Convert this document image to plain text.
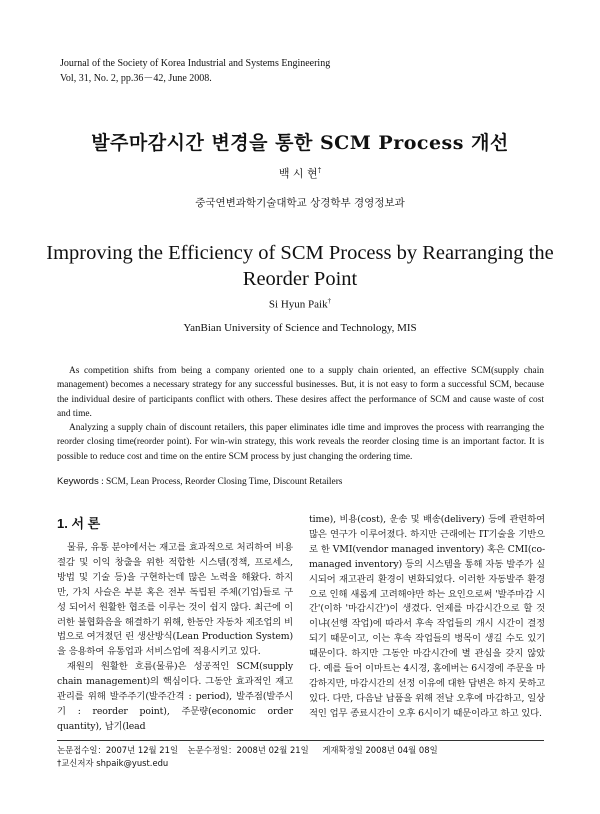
Journal of the Society of Korea Industrial and Systems Engineering
Vol, 31, No. 2, pp.36－42, June 2008.
발주마감시간 변경을 통한 SCM Process 개선
백 시 현†
중국연변과학기술대학교 상경학부 경영정보과
Improving the Efficiency of SCM Process by Rearranging the
Reorder Point
Si Hyun Paik†
YanBian University of Science and Technology, MIS

As competition shifts from being a company oriented one to a supply chain oriented, an effective SCM(supply chain management) becomes a necessary strategy for any successful businesses. But, it is not easy to form a successful SCM, because the individual desire of participants conflict with others. These desires affect the performance of SCM and cause waste of cost and time.

Analyzing a supply chain of discount retailers, this paper eliminates idle time and improves the process with rearranging the reorder closing time(reorder point). For win-win strategy, this work reveals the reorder closing time is an important factor. It is possible to reduce cost and time on the entire SCM process by just changing the ordering time.

Keywords : SCM, Lean Process, Reorder Closing Time, Discount Retailers
1. 서 론

물류, 유통 분야에서는 재고를 효과적으로 처리하여 비용 절감 및 이익 창출을 위한 적합한 시스템(정책, 프로세스, 방법 및 기술 등)을 구현하는데 많은 노력을 해왔다. 하지만, 가치 사슬은 부분 혹은 전부 독립된 주체(기업)들로 구성 되어서 원활한 협조를 이루는 것이 쉽지 않다. 최근에 이러한 불협화음을 해결하기 위해, 한동안 자동차 제조업의 비법으로 여겨졌던 린 생산방식(Lean Production System)을 응용하여 유통업과 서비스업에 적용시키고 있다.

재원의 원활한 흐름(물류)은 성공적인 SCM(supply chain management)의 핵심이다. 그동안 효과적인 재고관리를 위해 발주주기(발주간격 : period), 발주점(발주시기 : reorder point), 주문량(economic order quantity), 납기(lead

time), 비용(cost), 운송 및 배송(delivery) 등에 관련하여 많은 연구가 이루어졌다. 하지만 근래에는 IT기술을 기반으로 한 VMI(vendor managed inventory) 혹은 CMI(co-managed inventory) 등의 시스템을 통해 자동 발주가 실시되어 재고관리 환경이 변화되었다. 이러한 자동발주 환경으로 인해 새롭게 고려해야만 하는 요인으로써 '발주마감 시간'(이하 '마감시간')이 생겼다. 언제를 마감시간으로 할 것이냐(선행 작업)에 따라서 후속 작업들의 개시 시간이 결정되기 때문이고, 이는 후속 작업들의 병목이 생길 수도 있기 때문이다. 하지만 그동안 마감시간에 별 관심을 갖지 않았다. 예를 들어 이마트는 4시경, 홈에버는 6시경에 주문을 마감하지만, 마감시간의 선정 이유에 대한 답변은 하지 못하고 있다. 다만, 다음날 납품을 위해 전날 오후에 마감하고, 일상적인 업무 종료시간이 오후 6시이기 때문이라고 하고 있다.

논문접수일：2007년 12월 21일 논문수정일：2008년 02월 21일 게재확정일 2008년 04월 08일
†교신저자 shpaik@yust.edu
